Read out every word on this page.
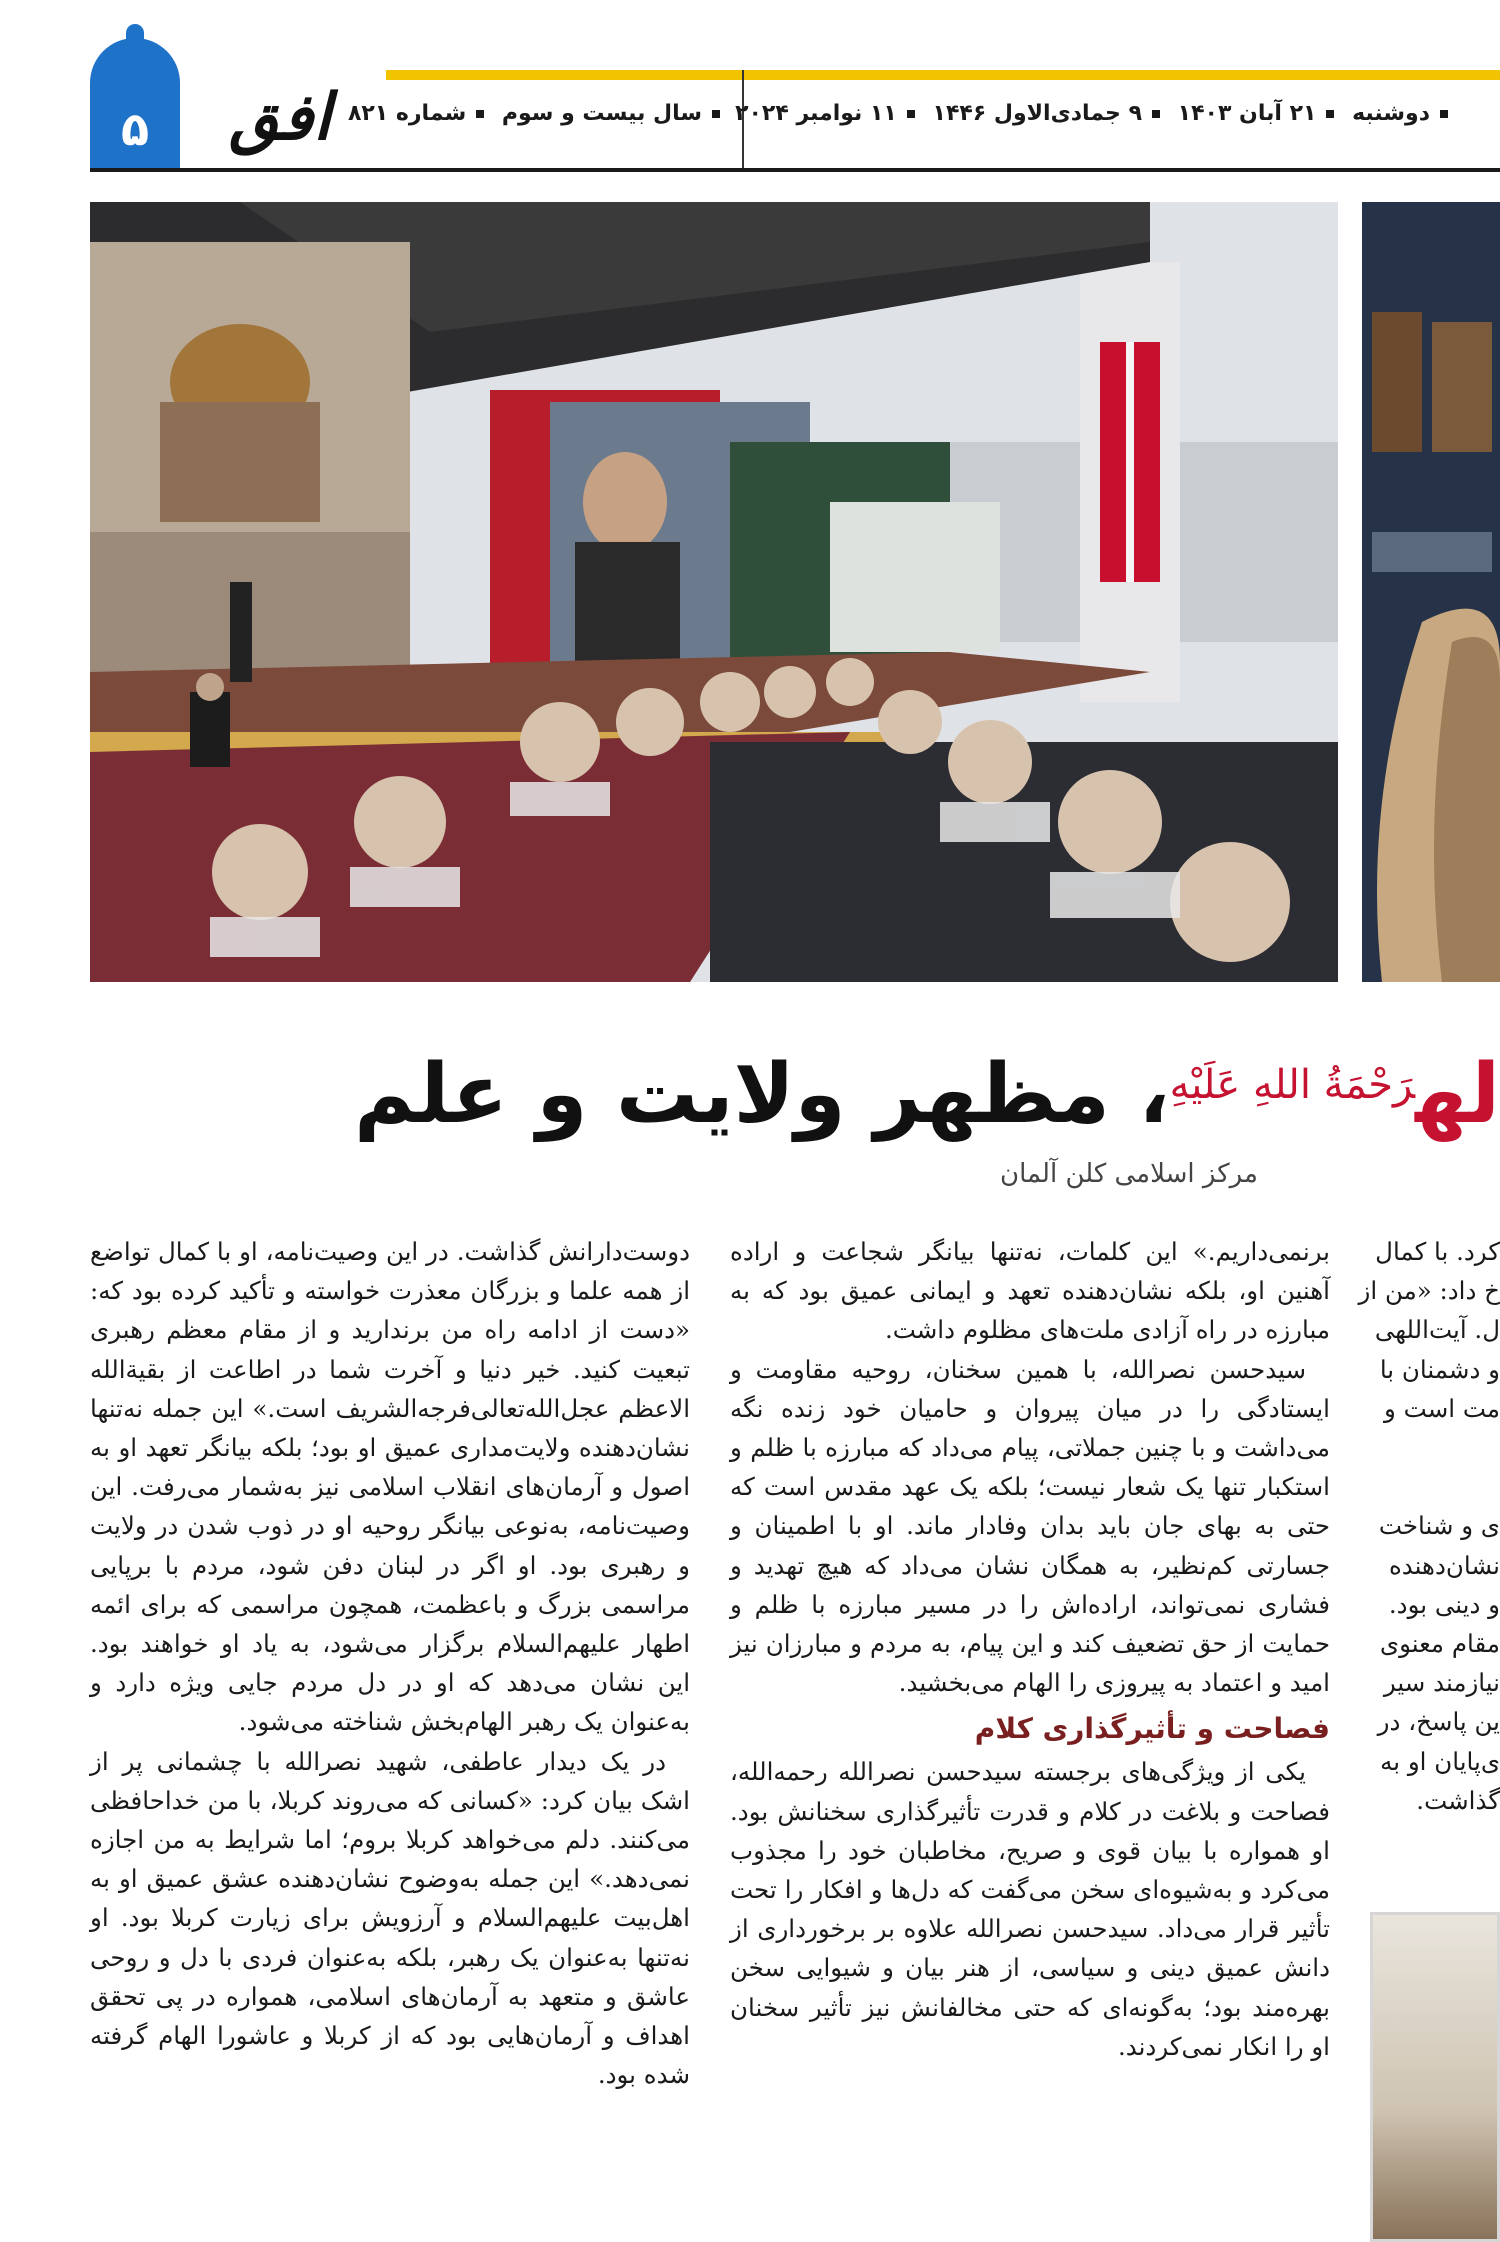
۵	افق	دوشنبه ۲۱ آبان ۱۴۰۳ ۹ جمادی‌الاول ۱۴۴۶ ۱۱ نوامبر ۲۰۲۴
سال بیست و سوم شماره ۸۲۱
له$^{رَحْمَةُ اللهِ عَلَیْهِ}$، مظهر ولایت و علم
مرکز اسلامی کلن آلمان

کرد. با کمال

خ داد: «من از

ل. آیت‌اللهی

و دشمنان با

مت است و

ی و شناخت

نشان‌دهنده

و دینی بود.

مقام معنوی

نیازمند سیر

ین پاسخ، در

ی‌پایان او به

گذاشت.

برنمی‌داریم.» این کلمات، نه‌تنها بیانگر شجاعت و اراده آهنین او، بلکه نشان‌دهنده تعهد و ایمانی عمیق بود که به مبارزه در راه آزادی ملت‌های مظلوم داشت.

سیدحسن نصرالله، با همین سخنان، روحیه مقاومت و ایستادگی را در میان پیروان و حامیان خود زنده نگه می‌داشت و با چنین جملاتی، پیام می‌داد که مبارزه با ظلم و استکبار تنها یک شعار نیست؛ بلکه یک عهد مقدس است که حتی به بهای جان باید بدان وفادار ماند. او با اطمینان و جسارتی کم‌نظیر، به همگان نشان می‌داد که هیچ تهدید و فشاری نمی‌تواند، اراده‌اش را در مسیر مبارزه با ظلم و حمایت از حق تضعیف کند و این پیام، به مردم و مبارزان نیز امید و اعتماد به پیروزی را الهام می‌بخشید.

فصاحت و تأثیرگذاری کلام

یکی از ویژگی‌های برجسته سیدحسن نصرالله رحمه‌الله، فصاحت و بلاغت در کلام و قدرت تأثیرگذاری سخنانش بود. او همواره با بیان قوی و صریح، مخاطبان خود را مجذوب می‌کرد و به‌شیوه‌ای سخن می‌گفت که دل‌ها و افکار را تحت تأثیر قرار می‌داد. سیدحسن نصرالله علاوه بر برخورداری از دانش عمیق دینی و سیاسی، از هنر بیان و شیوایی سخن بهره‌مند بود؛ به‌گونه‌ای که حتی مخالفانش نیز تأثیر سخنان او را انکار نمی‌کردند.

دوست‌دارانش گذاشت. در این وصیت‌نامه، او با کمال تواضع از همه علما و بزرگان معذرت خواسته و تأکید کرده بود که: «دست از ادامه راه من برندارید و از مقام معظم رهبری تبعیت کنید. خیر دنیا و آخرت شما در اطاعت از بقیةالله الاعظم عجل‌الله‌تعالی‌فرجه‌الشریف است.» این جمله نه‌تنها نشان‌دهنده ولایت‌مداری عمیق او بود؛ بلکه بیانگر تعهد او به اصول و آرمان‌های انقلاب اسلامی نیز به‌شمار می‌رفت. این وصیت‌نامه، به‌نوعی بیانگر روحیه او در ذوب شدن در ولایت و رهبری بود. او اگر در لبنان دفن شود، مردم با برپایی مراسمی بزرگ و باعظمت، همچون مراسمی که برای ائمه اطهار علیهم‌السلام برگزار می‌شود، به یاد او خواهند بود. این نشان می‌دهد که او در دل مردم جایی ویژه دارد و به‌عنوان یک رهبر الهام‌بخش شناخته می‌شود.

در یک دیدار عاطفی، شهید نصرالله با چشمانی پر از اشک بیان کرد: «کسانی که می‌روند کربلا، با من خداحافظی می‌کنند. دلم می‌خواهد کربلا بروم؛ اما شرایط به من اجازه نمی‌دهد.» این جمله به‌وضوح نشان‌دهنده عشق عمیق او به اهل‌بیت علیهم‌السلام و آرزویش برای زیارت کربلا بود. او نه‌تنها به‌عنوان یک رهبر، بلکه به‌عنوان فردی با دل و روحی عاشق و متعهد به آرمان‌های اسلامی، همواره در پی تحقق اهداف و آرمان‌هایی بود که از کربلا و عاشورا الهام گرفته شده بود.
